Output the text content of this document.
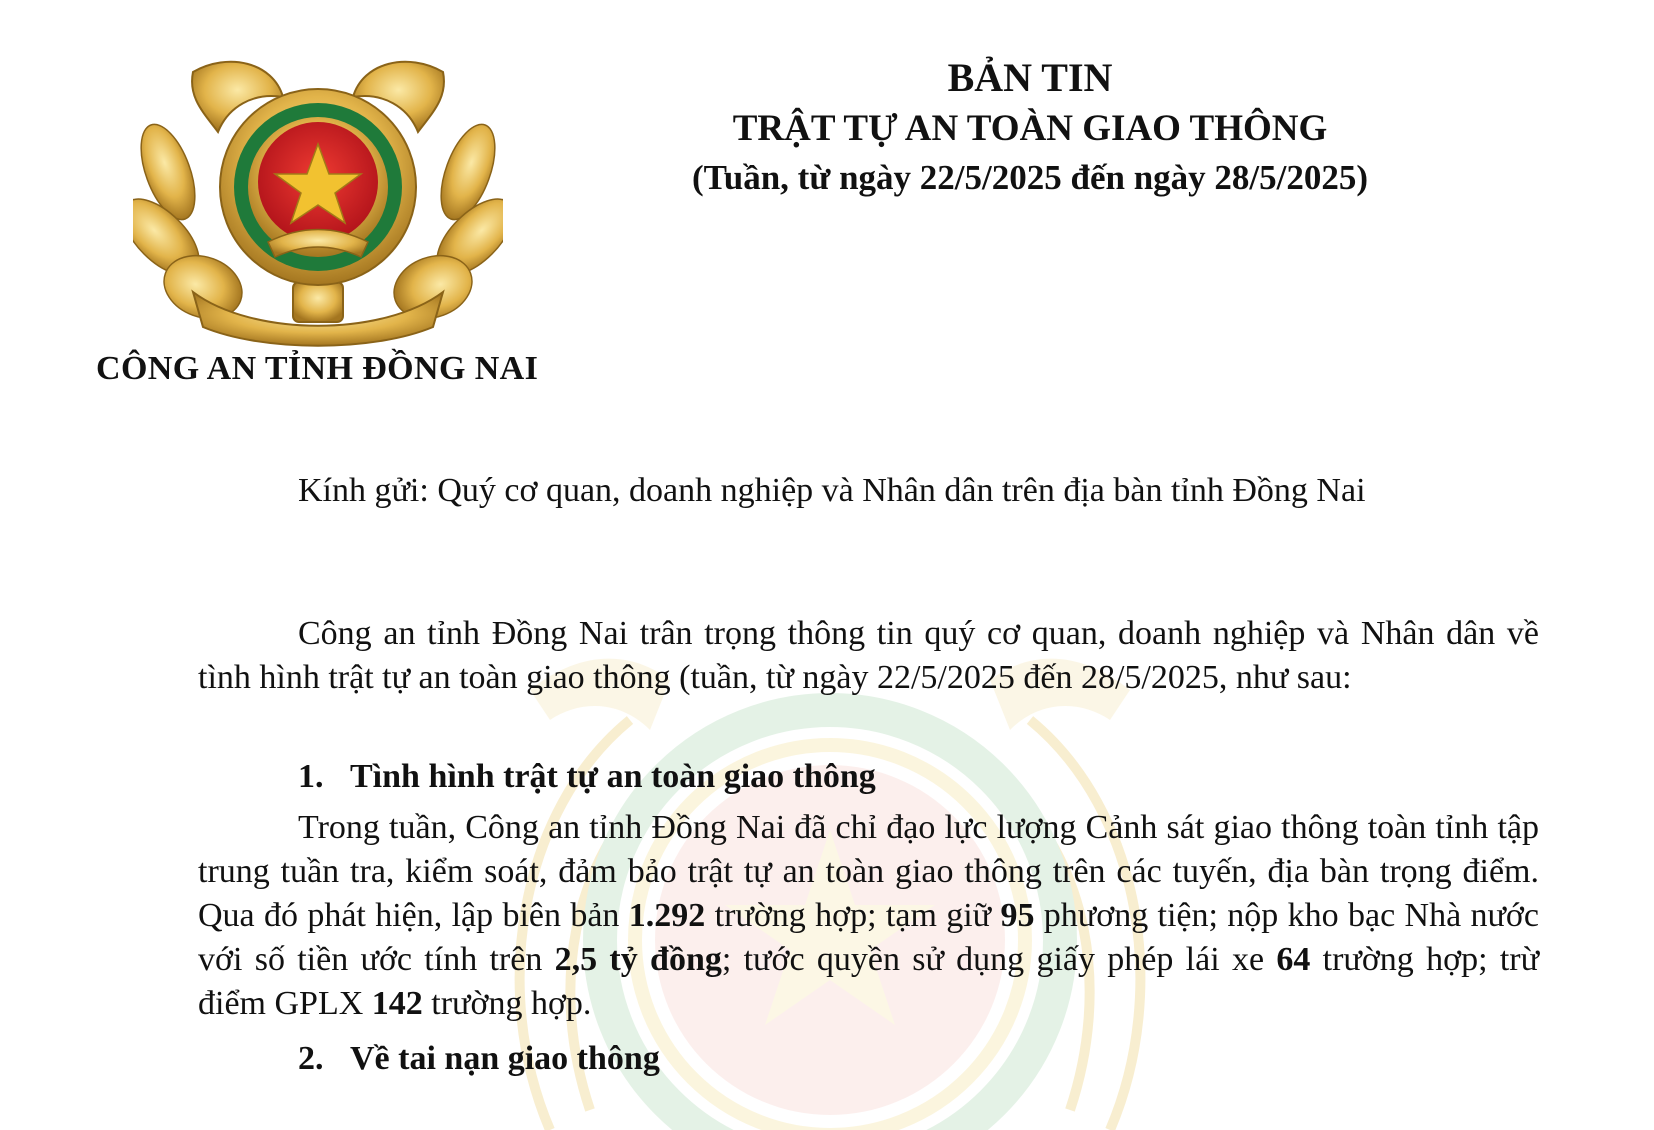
CÔNG AN TỈNH ĐỒNG NAI
BẢN TIN
TRẬT TỰ AN TOÀN GIAO THÔNG
(Tuần, từ ngày 22/5/2025 đến ngày 28/5/2025)
Kính gửi: Quý cơ quan, doanh nghiệp và Nhân dân trên địa bàn tỉnh Đồng Nai

Công an tỉnh Đồng Nai trân trọng thông tin quý cơ quan, doanh nghiệp và Nhân dân về tình hình trật tự an toàn giao thông (tuần, từ ngày 22/5/2025 đến 28/5/2025, như sau:

1. Tình hình trật tự an toàn giao thông

Trong tuần, Công an tỉnh Đồng Nai đã chỉ đạo lực lượng Cảnh sát giao thông toàn tỉnh tập trung tuần tra, kiểm soát, đảm bảo trật tự an toàn giao thông trên các tuyến, địa bàn trọng điểm. Qua đó phát hiện, lập biên bản 1.292 trường hợp; tạm giữ 95 phương tiện; nộp kho bạc Nhà nước với số tiền ước tính trên 2,5 tỷ đồng; tước quyền sử dụng giấy phép lái xe 64 trường hợp; trừ điểm GPLX 142 trường hợp.

2. Về tai nạn giao thông
